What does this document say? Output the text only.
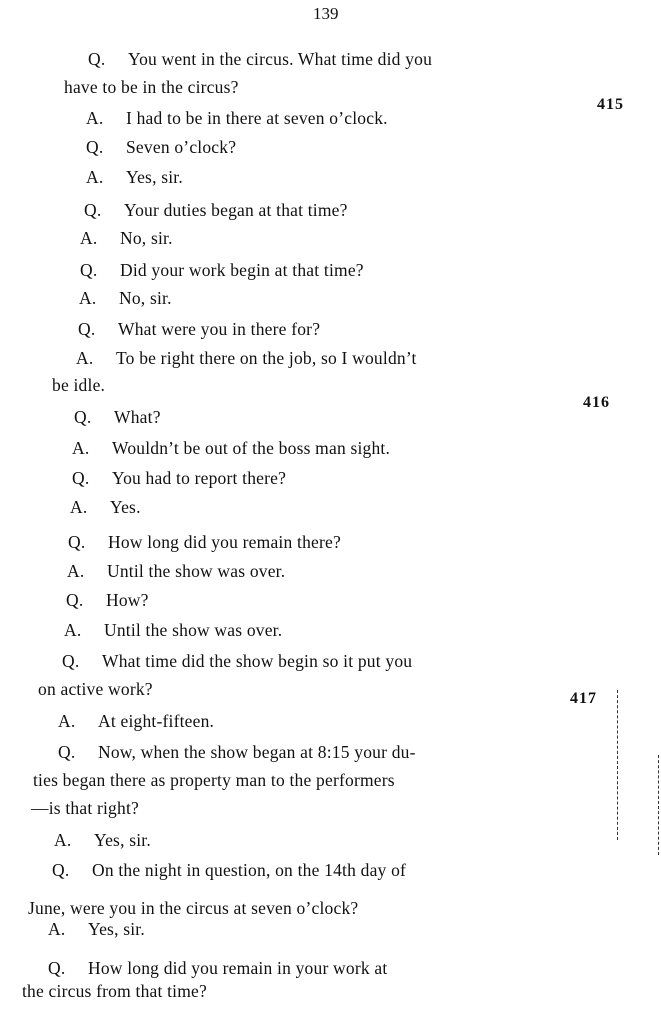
139
415
416
417
Q. You went in the circus. What time did you
have to be in the circus?
A. I had to be in there at seven o’clock.
Q. Seven o’clock?
A. Yes, sir.
Q. Your duties began at that time?
A. No, sir.
Q. Did your work begin at that time?
A. No, sir.
Q. What were you in there for?
A. To be right there on the job, so I wouldn’t
be idle.
Q. What?
A. Wouldn’t be out of the boss man sight.
Q. You had to report there?
A. Yes.
Q. How long did you remain there?
A. Until the show was over.
Q. How?
A. Until the show was over.
Q. What time did the show begin so it put you
on active work?
A. At eight-fifteen.
Q. Now, when the show began at 8:15 your du-
ties began there as property man to the performers
—is that right?
A. Yes, sir.
Q. On the night in question, on the 14th day of
June, were you in the circus at seven o’clock?
A. Yes, sir.
Q. How long did you remain in your work at
the circus from that time?
